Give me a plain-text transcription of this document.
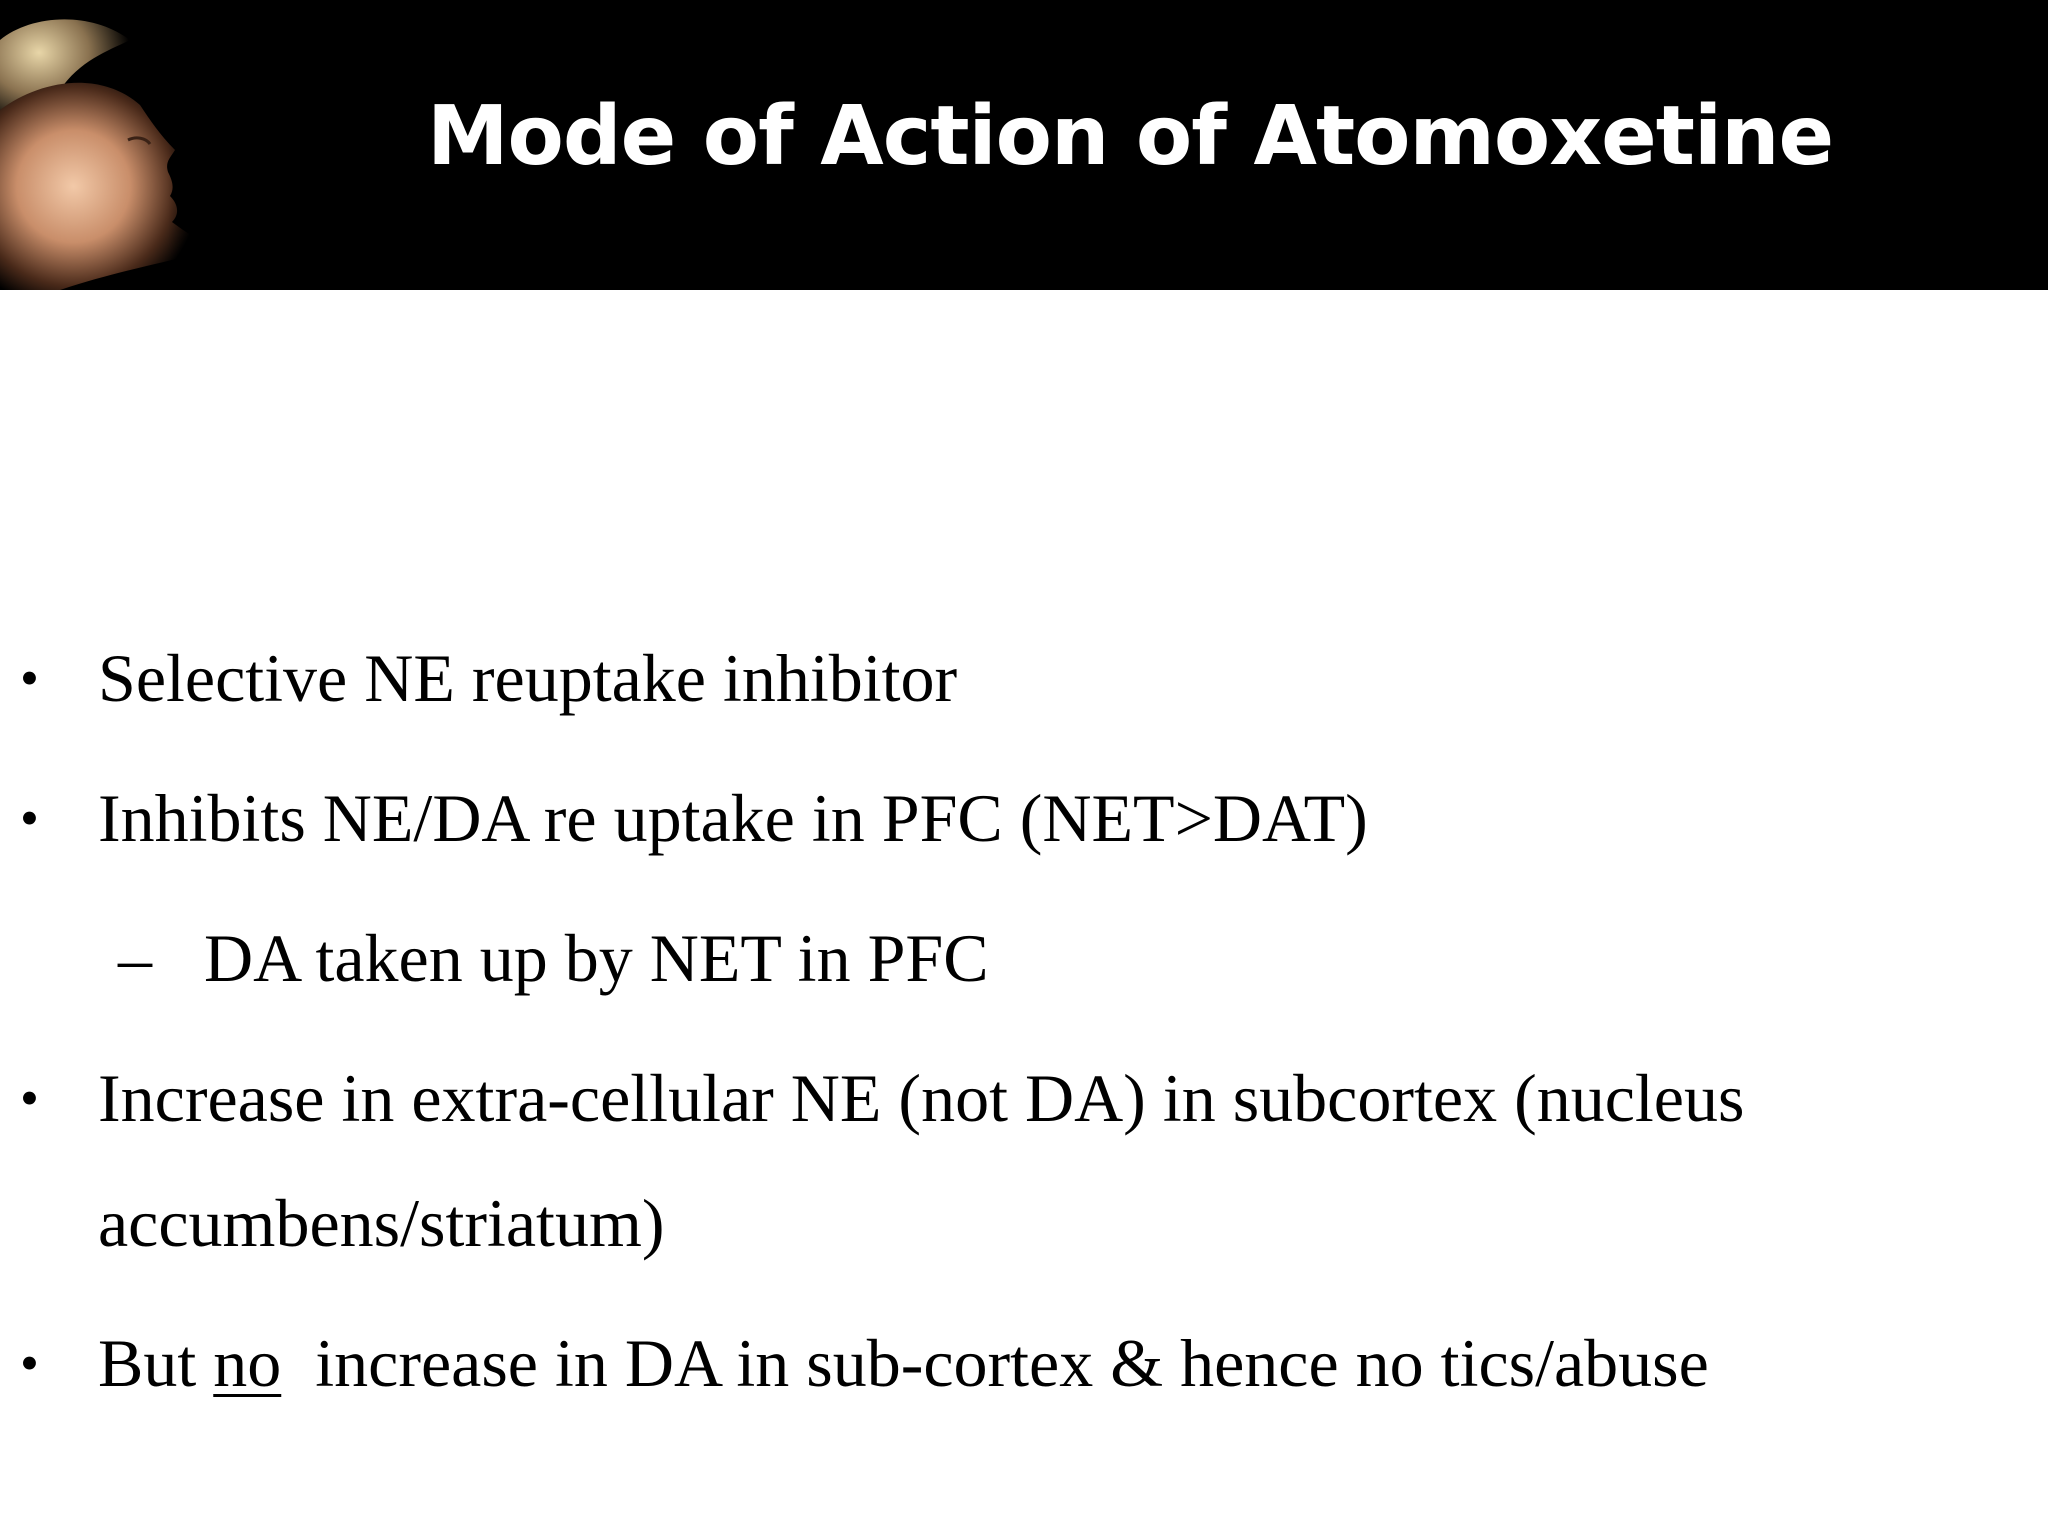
Mode of Action of Atomoxetine
• Selective NE reuptake inhibitor
• Inhibits NE/DA re uptake in PFC (NET>DAT)
– DA taken up by NET in PFC
• Increase in extra-cellular NE (not DA) in subcortex (nucleus
accumbens/striatum)
• But no  increase in DA in sub-cortex & hence no tics/abuse
